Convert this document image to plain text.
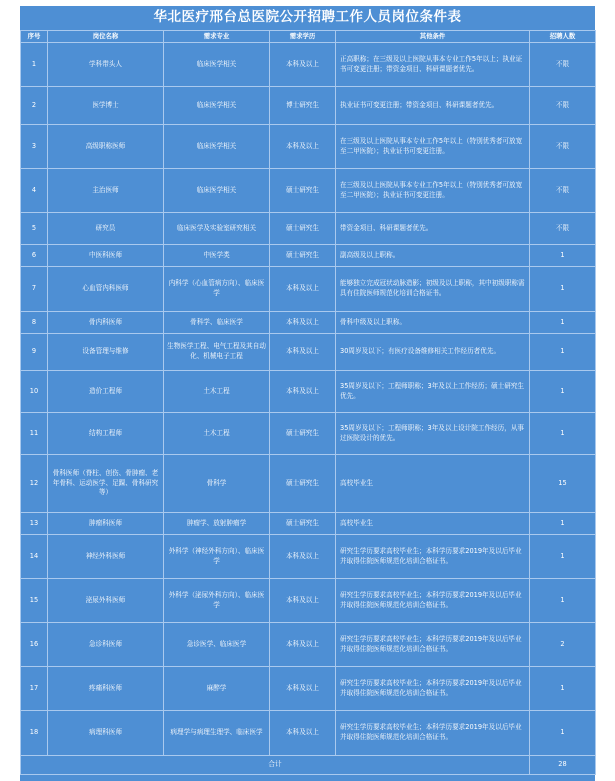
华北医疗邢台总医院公开招聘工作人员岗位条件表
序号	岗位名称	需求专业	需求学历	其他条件	招聘人数
1	学科带头人	临床医学相关	本科及以上	正高职称；在三级及以上医院从事本专业工作5年以上；执业证书可变更注册；带资金项目、科研课题者优先。	不限
2	医学博士	临床医学相关	博士研究生	执业证书可变更注册；带资金项目、科研课题者优先。	不限
3	高级职称医师	临床医学相关	本科及以上	在三级及以上医院从事本专业工作5年以上（特别优秀者可放宽至二甲医院）；执业证书可变更注册。	不限
4	主治医师	临床医学相关	硕士研究生	在三级及以上医院从事本专业工作5年以上（特别优秀者可放宽至二甲医院）；执业证书可变更注册。	不限
5	研究员	临床医学及实验室研究相关	硕士研究生	带资金项目、科研课题者优先。	不限
6	中医科医师	中医学类	硕士研究生	副高级及以上职称。	1
7	心血管内科医师	内科学（心血管病方向）、临床医学	本科及以上	能够独立完成冠状动脉造影；初级及以上职称，其中初级职称需具有住院医师规范化培训合格证书。	1
8	骨内科医师	骨科学、临床医学	本科及以上	骨科中级及以上职称。	1
9	设备管理与维修	生物医学工程、电气工程及其自动化、机械电子工程	本科及以上	30周岁及以下；有医疗设备维修相关工作经历者优先。	1
10	造价工程师	土木工程	本科及以上	35周岁及以下；工程师职称；3年及以上工作经历；硕士研究生优先。	1
11	结构工程师	土木工程	硕士研究生	35周岁及以下；工程师职称；3年及以上设计院工作经历，从事过医院设计的优先。	1
12	骨科医师（脊柱、创伤、骨肿瘤、老年骨科、运动医学、足踝、骨科研究等）	骨科学	硕士研究生	高校毕业生	15
13	肿瘤科医师	肿瘤学、放射肿瘤学	硕士研究生	高校毕业生	1
14	神经外科医师	外科学（神经外科方向）、临床医学	本科及以上	研究生学历要求高校毕业生；本科学历要求2019年及以后毕业并取得住院医师规范化培训合格证书。	1
15	泌尿外科医师	外科学（泌尿外科方向）、临床医学	本科及以上	研究生学历要求高校毕业生；本科学历要求2019年及以后毕业并取得住院医师规范化培训合格证书。	1
16	急诊科医师	急诊医学、临床医学	本科及以上	研究生学历要求高校毕业生；本科学历要求2019年及以后毕业并取得住院医师规范化培训合格证书。	2
17	疼痛科医师	麻醉学	本科及以上	研究生学历要求高校毕业生；本科学历要求2019年及以后毕业并取得住院医师规范化培训合格证书。	1
18	病理科医师	病理学与病理生理学、临床医学	本科及以上	研究生学历要求高校毕业生；本科学历要求2019年及以后毕业并取得住院医师规范化培训合格证书。	1
合计					28
